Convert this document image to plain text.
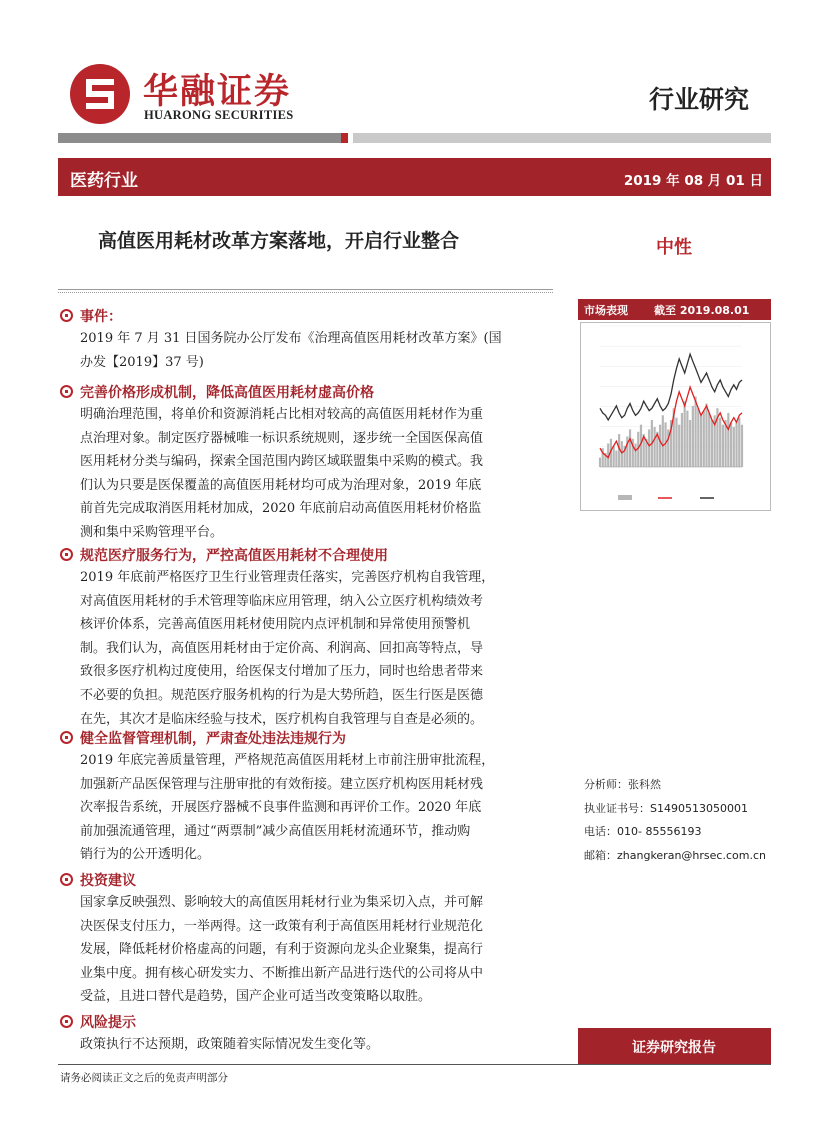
华融证券
HUARONG SECURITIES
行业研究
医药行业	2019 年 08 月 01 日
高值医用耗材改革方案落地，开启行业整合	中性
事件：
2019 年 7 月 31 日国务院办公厅发布《治理高值医用耗材改革方案》(国
办发【2019】37 号)
完善价格形成机制，降低高值医用耗材虚高价格
明确治理范围，将单价和资源消耗占比相对较高的高值医用耗材作为重
点治理对象。制定医疗器械唯一标识系统规则，逐步统一全国医保高值
医用耗材分类与编码，探索全国范围内跨区域联盟集中采购的模式。我
们认为只要是医保覆盖的高值医用耗材均可成为治理对象，2019 年底
前首先完成取消医用耗材加成，2020 年底前启动高值医用耗材价格监
测和集中采购管理平台。
规范医疗服务行为，严控高值医用耗材不合理使用
2019 年底前严格医疗卫生行业管理责任落实，完善医疗机构自我管理，
对高值医用耗材的手术管理等临床应用管理，纳入公立医疗机构绩效考
核评价体系，完善高值医用耗材使用院内点评机制和异常使用预警机
制。我们认为，高值医用耗材由于定价高、利润高、回扣高等特点，导
致很多医疗机构过度使用，给医保支付增加了压力，同时也给患者带来
不必要的负担。规范医疗服务机构的行为是大势所趋，医生行医是医德
在先，其次才是临床经验与技术，医疗机构自我管理与自查是必须的。
健全监督管理机制，严肃查处违法违规行为
2019 年底完善质量管理，严格规范高值医用耗材上市前注册审批流程，
加强新产品医保管理与注册审批的有效衔接。建立医疗机构医用耗材残
次率报告系统，开展医疗器械不良事件监测和再评价工作。2020 年底
前加强流通管理，通过“两票制”减少高值医用耗材流通环节，推动购
销行为的公开透明化。
投资建议
国家拿反映强烈、影响较大的高值医用耗材行业为集采切入点，并可解
决医保支付压力，一举两得。这一政策有利于高值医用耗材行业规范化
发展，降低耗材价格虚高的问题，有利于资源向龙头企业聚集，提高行
业集中度。拥有核心研发实力、不断推出新产品进行迭代的公司将从中
受益，且进口替代是趋势，国产企业可适当改变策略以取胜。
风险提示
政策执行不达预期，政策随着实际情况发生变化等。
市场表现 截至 2019.08.01
分析师：张科然
执业证书号：S1490513050001
电话：010- 85556193
邮箱：zhangkeran@hrsec.com.cn
证券研究报告
请务必阅读正文之后的免责声明部分
